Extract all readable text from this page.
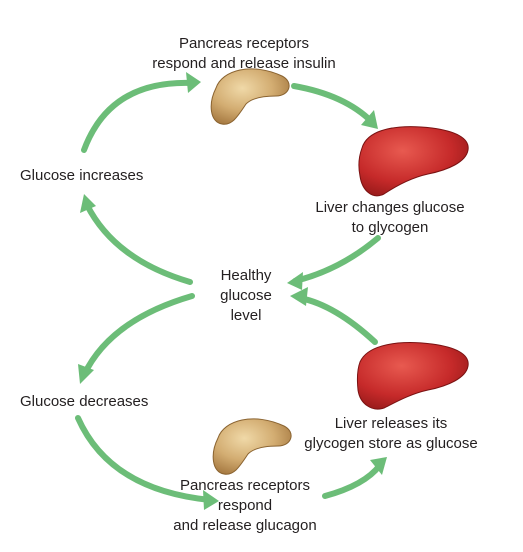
Pancreas receptors
respond and release insulin
Liver changes glucose
to glycogen
Glucose increases
Healthy
glucose
level
Glucose decreases
Liver releases its
glycogen store as glucose
Pancreas receptors
respond
and release glucagon
